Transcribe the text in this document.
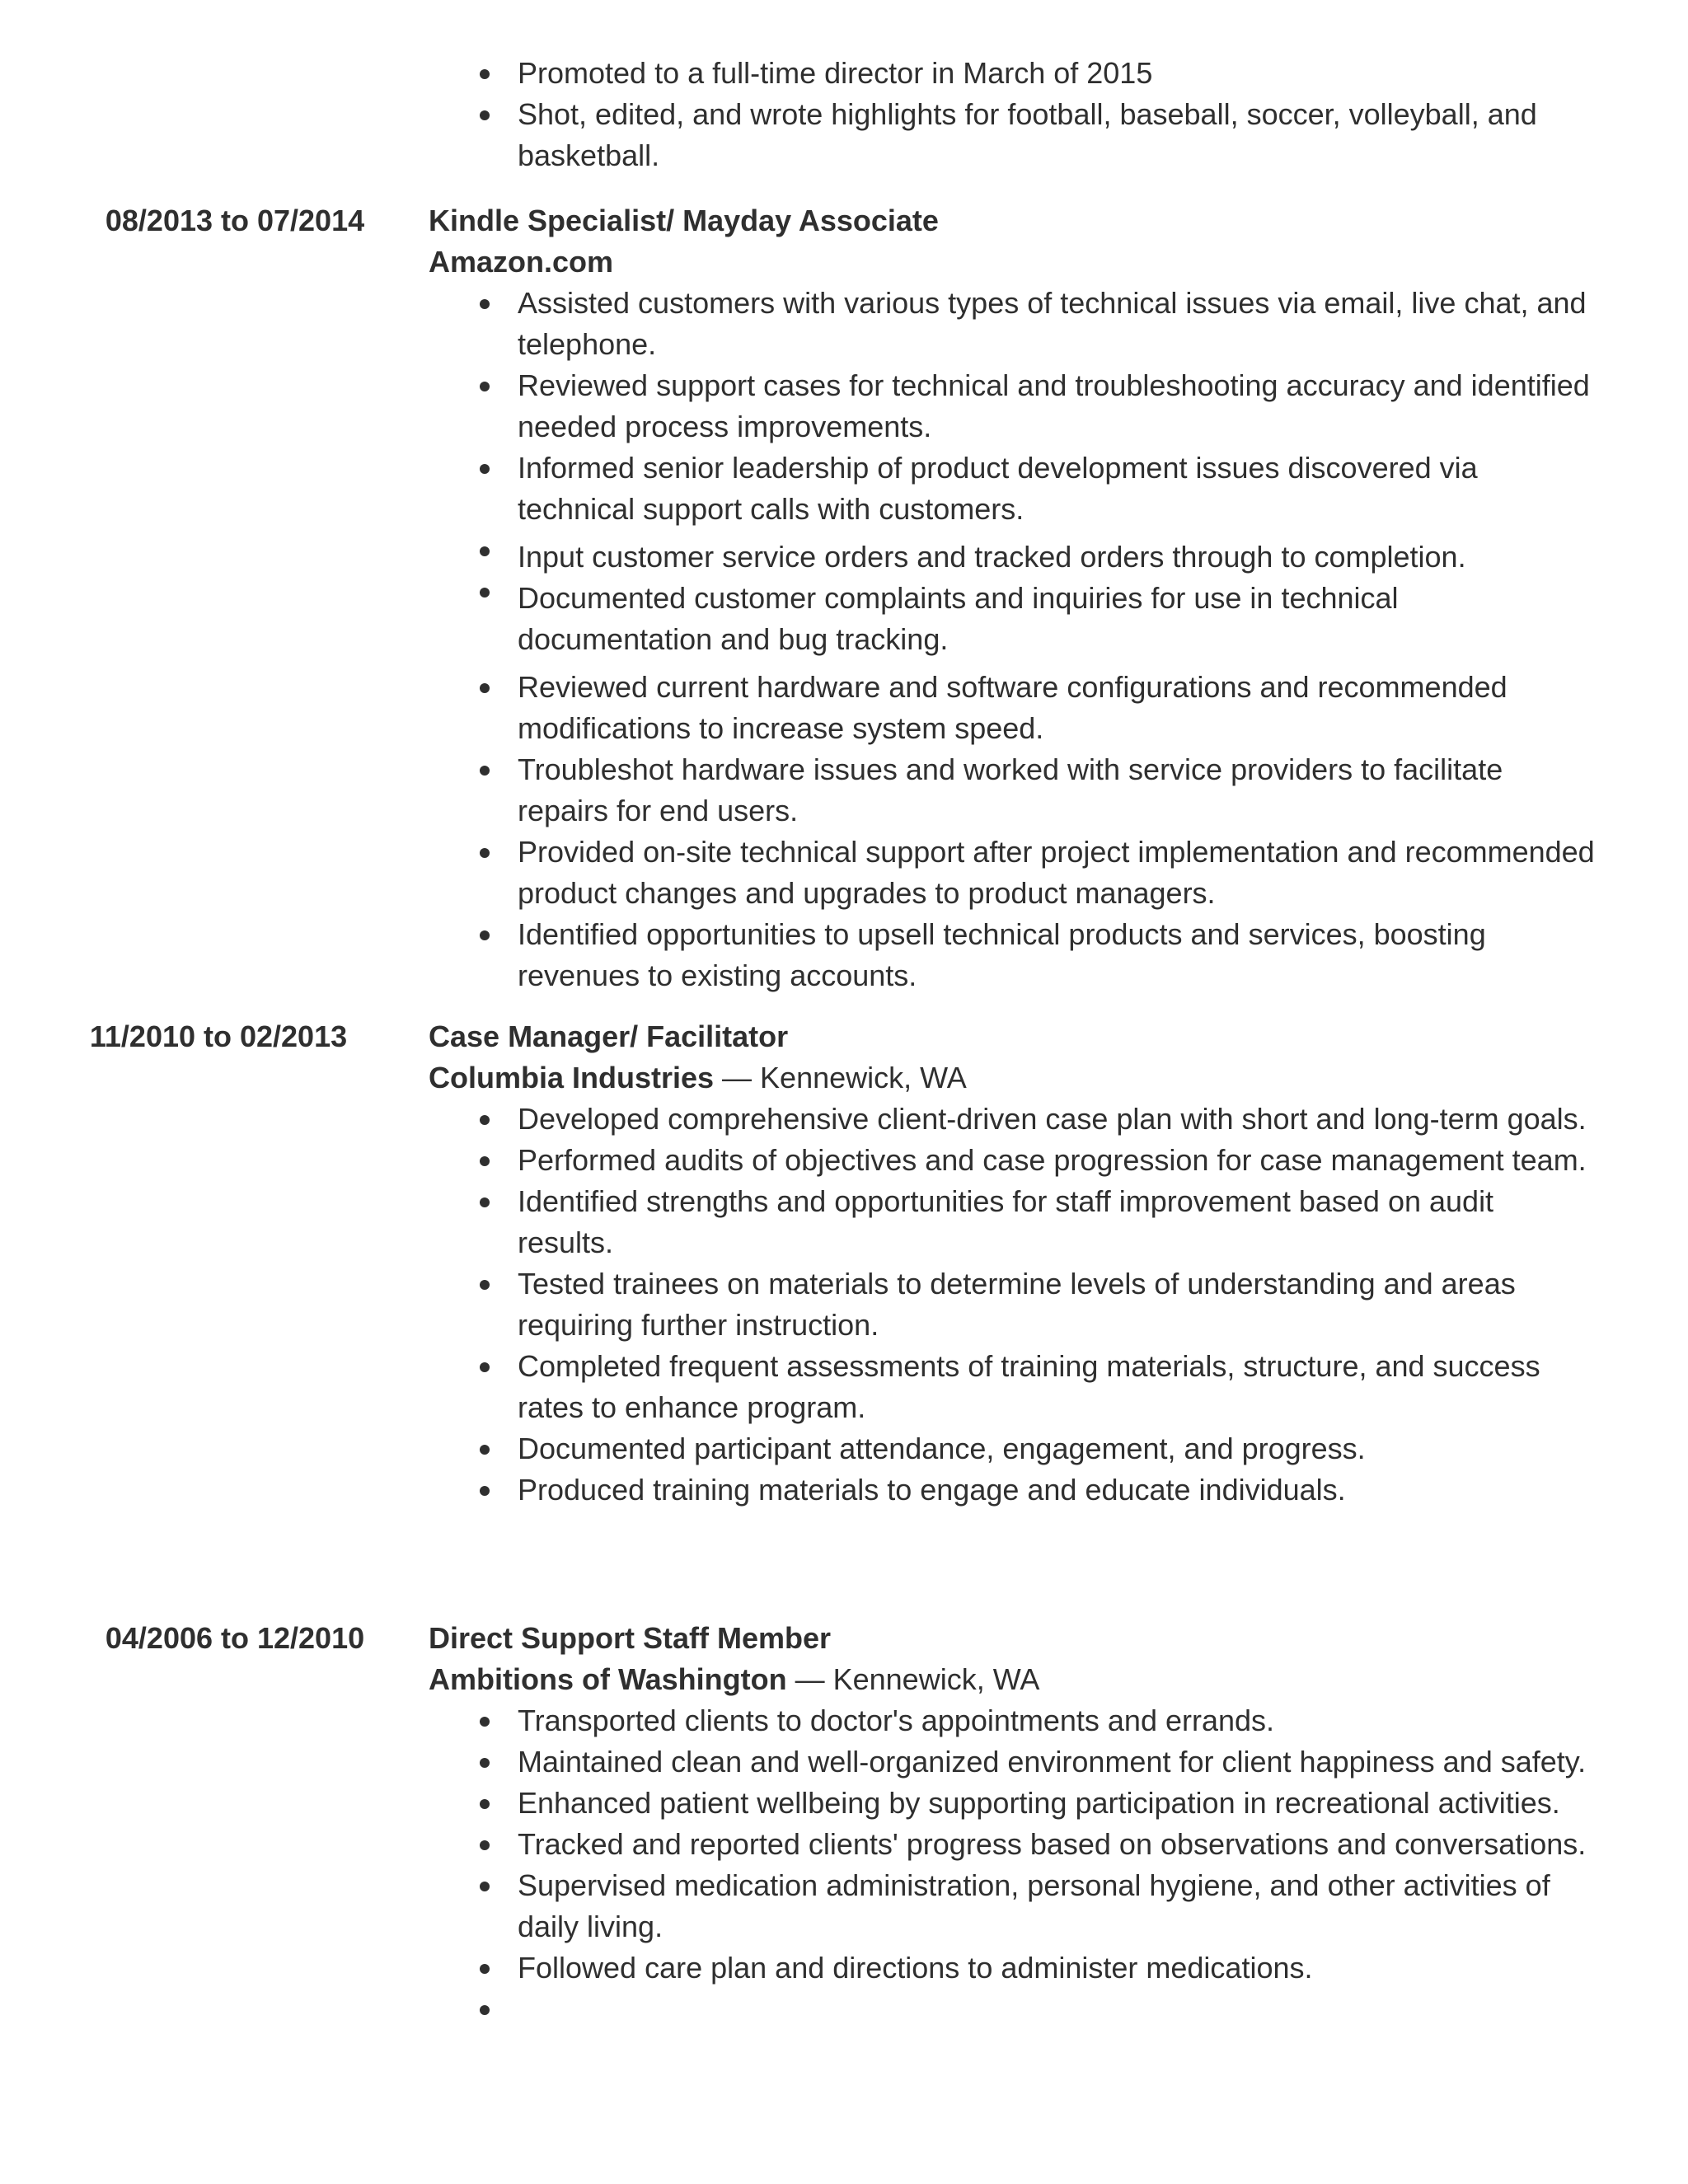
Promoted to a full-time director in March of 2015
Shot, edited, and wrote highlights for football, baseball, soccer, volleyball, and basketball.
08/2013 to 07/2014	Kindle Specialist/ Mayday Associate
Amazon.com
Assisted customers with various types of technical issues via email, live chat, and telephone.
Reviewed support cases for technical and troubleshooting accuracy and identified needed process improvements.
Informed senior leadership of product development issues discovered via technical support calls with customers.
Input customer service orders and tracked orders through to completion.
Documented customer complaints and inquiries for use in technical documentation and bug tracking.
Reviewed current hardware and software configurations and recommended modifications to increase system speed.
Troubleshot hardware issues and worked with service providers to facilitate repairs for end users.
Provided on-site technical support after project implementation and recommended product changes and upgrades to product managers.
Identified opportunities to upsell technical products and services, boosting revenues to existing accounts.
11/2010 to 02/2013	Case Manager/ Facilitator
Columbia Industries — Kennewick, WA
Developed comprehensive client-driven case plan with short and long-term goals.
Performed audits of objectives and case progression for case management team.
Identified strengths and opportunities for staff improvement based on audit results.
Tested trainees on materials to determine levels of understanding and areas requiring further instruction.
Completed frequent assessments of training materials, structure, and success rates to enhance program.
Documented participant attendance, engagement, and progress.
Produced training materials to engage and educate individuals.
04/2006 to 12/2010	Direct Support Staff Member
Ambitions of Washington — Kennewick, WA
Transported clients to doctor's appointments and errands.
Maintained clean and well-organized environment for client happiness and safety.
Enhanced patient wellbeing by supporting participation in recreational activities.
Tracked and reported clients' progress based on observations and conversations.
Supervised medication administration, personal hygiene, and other activities of daily living.
Followed care plan and directions to administer medications.
